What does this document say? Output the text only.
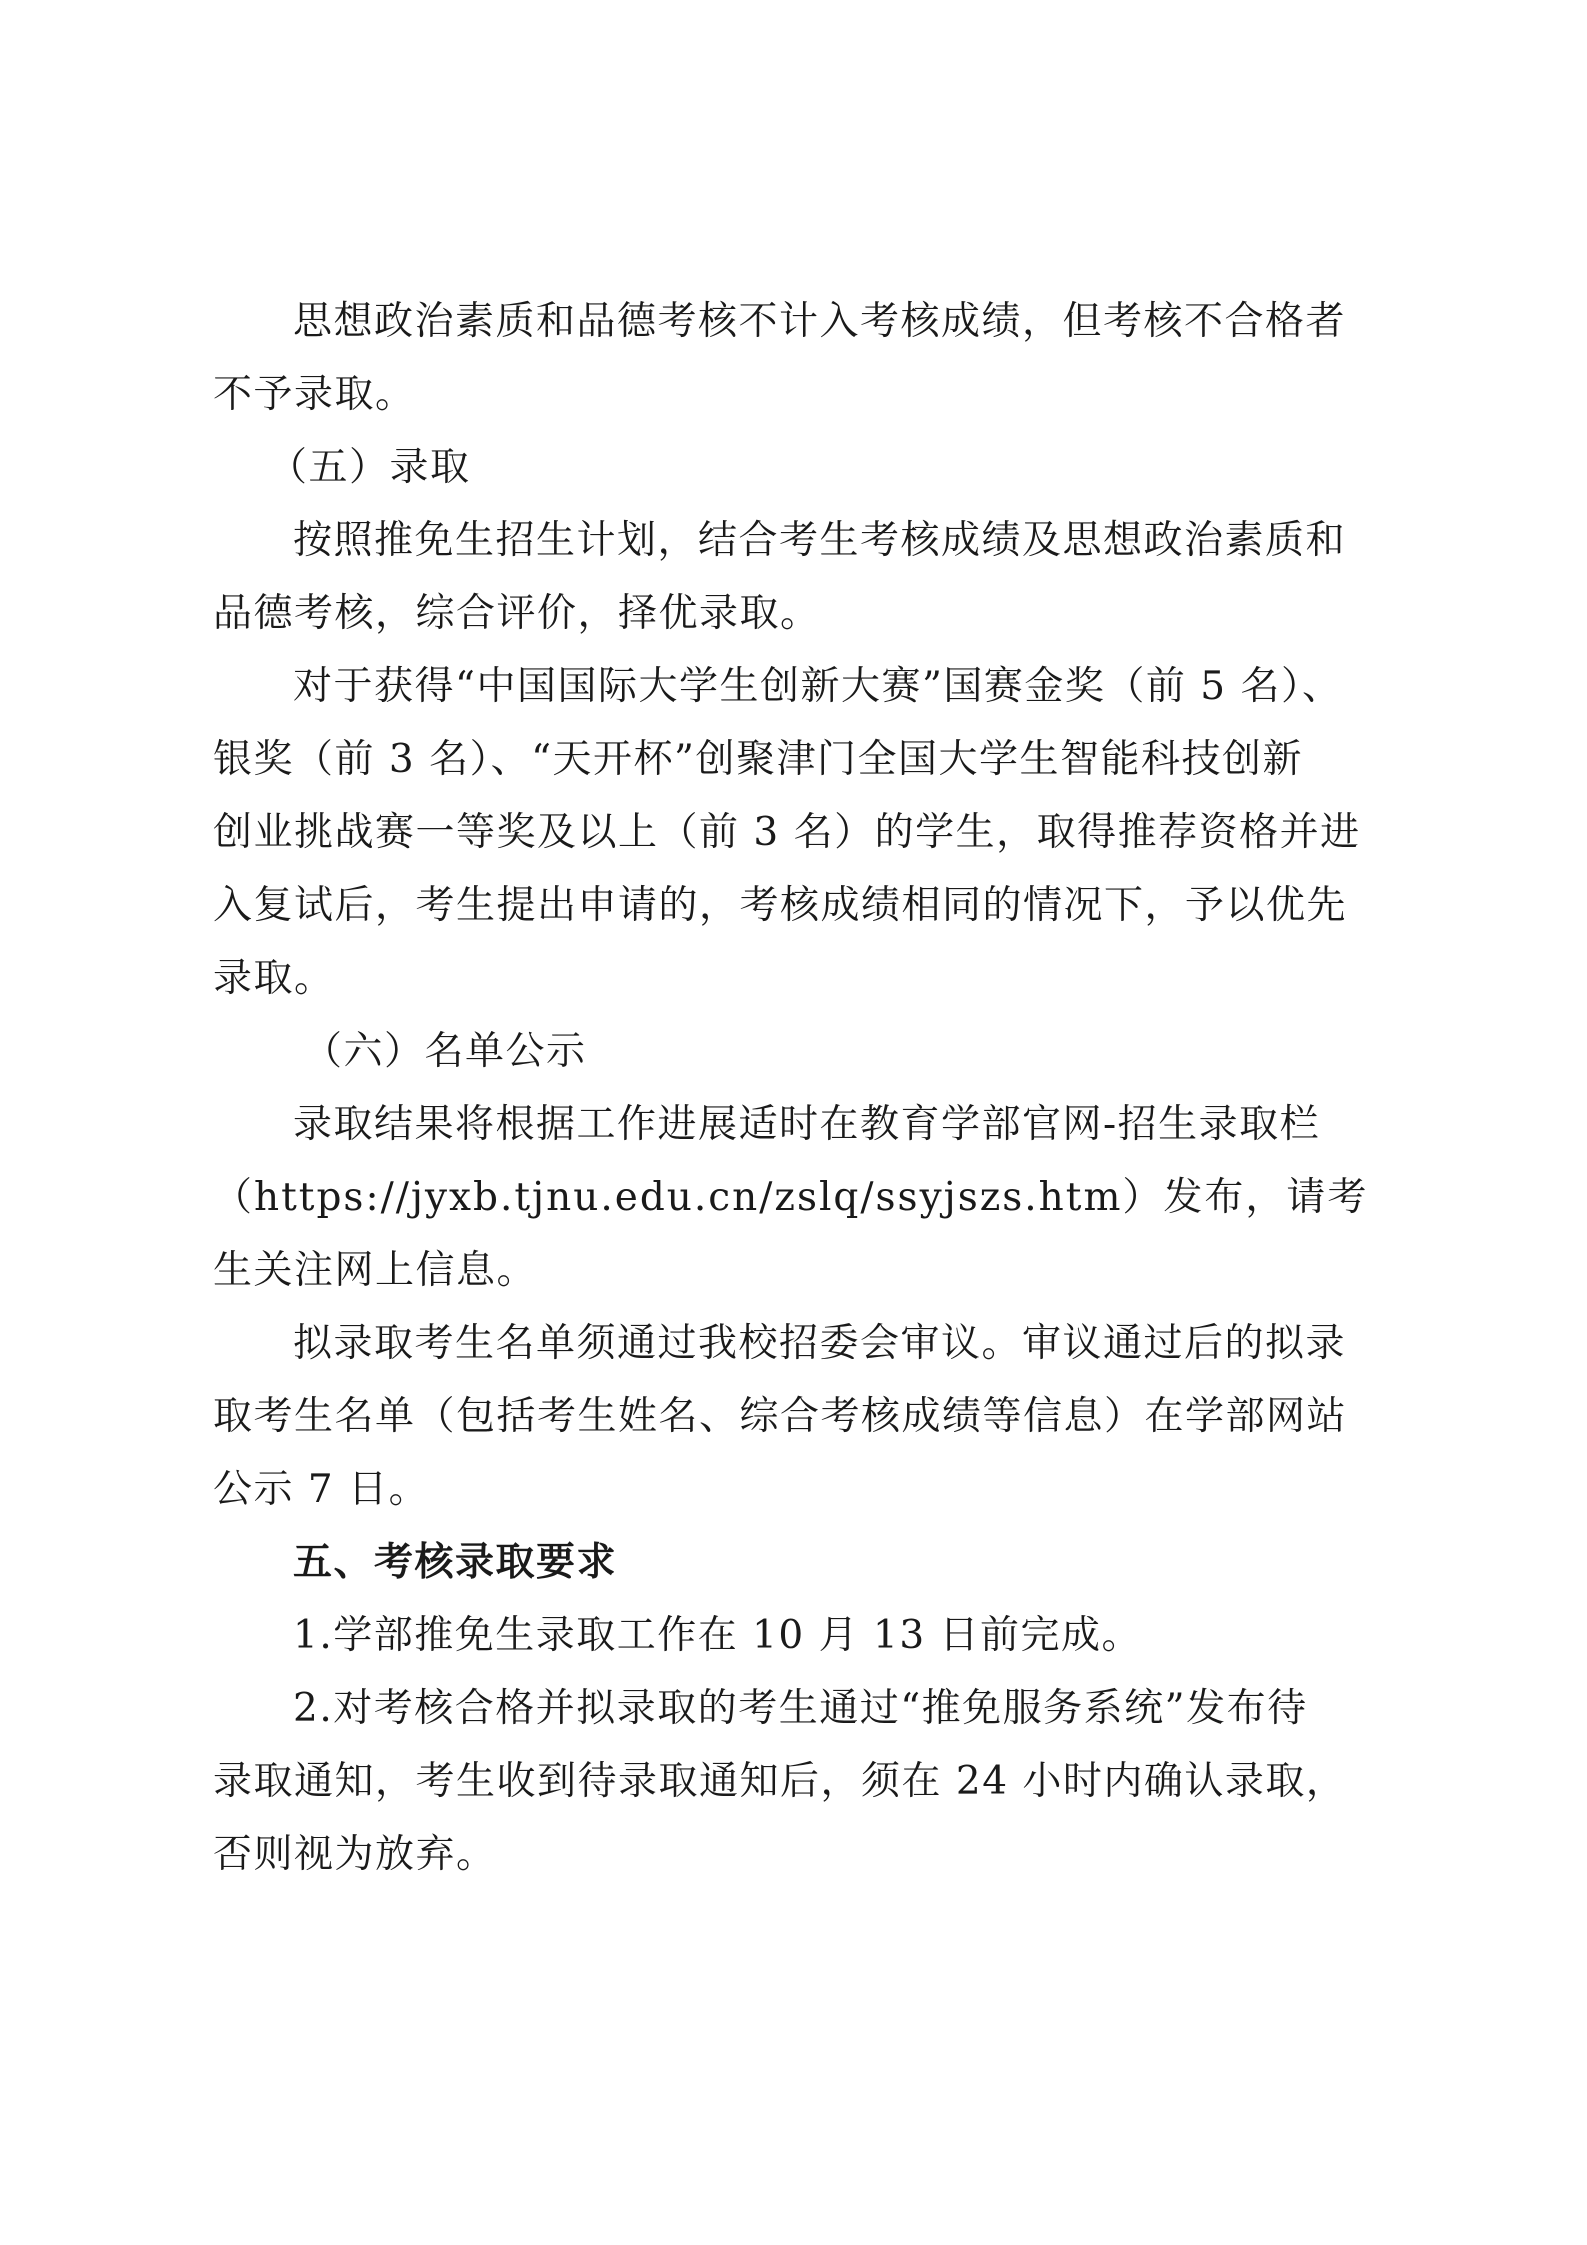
思想政治素质和品德考核不计入考核成绩，但考核不合格者
不予录取。

（五）录取

按照推免生招生计划，结合考生考核成绩及思想政治素质和
品德考核，综合评价，择优录取。

对于获得“中国国际大学生创新大赛”国赛金奖（前 5 名）、
银奖（前 3 名）、“天开杯”创聚津门全国大学生智能科技创新
创业挑战赛一等奖及以上（前 3 名）的学生，取得推荐资格并进
入复试后，考生提出申请的，考核成绩相同的情况下，予以优先
录取。

（六）名单公示

录取结果将根据工作进展适时在教育学部官网-招生录取栏
（https://jyxb.tjnu.edu.cn/zslq/ssyjszs.htm）发布，请考
生关注网上信息。

拟录取考生名单须通过我校招委会审议。审议通过后的拟录
取考生名单（包括考生姓名、综合考核成绩等信息）在学部网站
公示 7 日。

五、考核录取要求

1.学部推免生录取工作在 10 月 13 日前完成。

2.对考核合格并拟录取的考生通过“推免服务系统”发布待
录取通知，考生收到待录取通知后，须在 24 小时内确认录取，
否则视为放弃。
